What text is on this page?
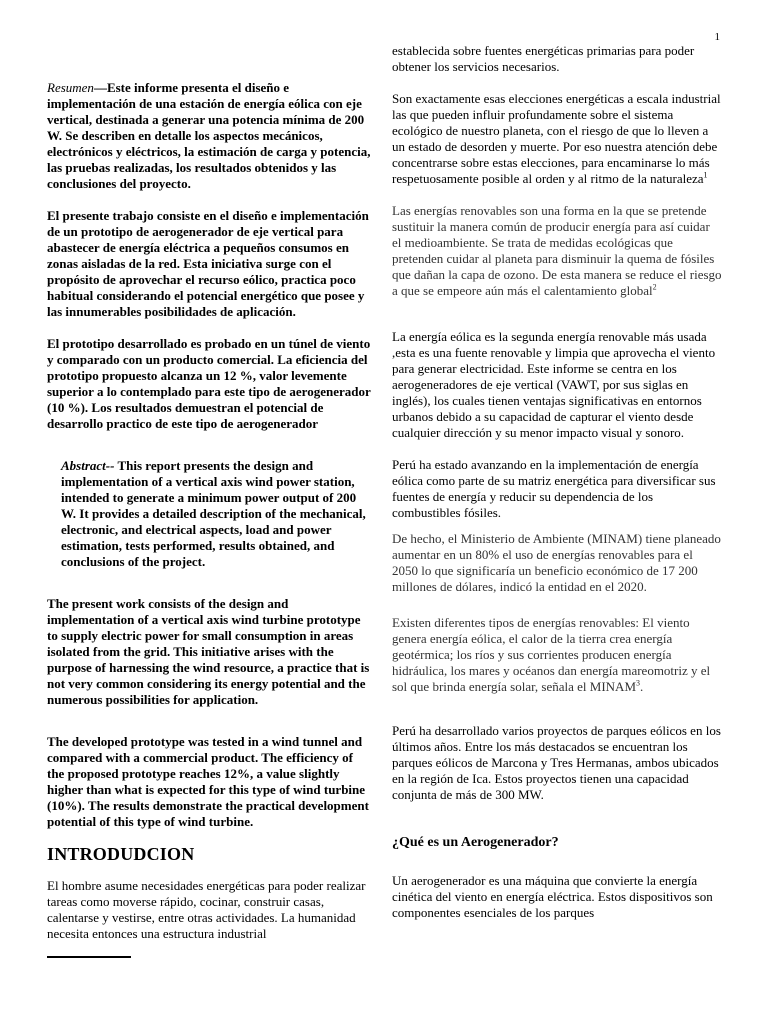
1

Resumen—Este informe presenta el diseño e implementación de una estación de energía eólica con eje vertical, destinada a generar una potencia mínima de 200 W. Se describen en detalle los aspectos mecánicos, electrónicos y eléctricos, la estimación de carga y potencia, las pruebas realizadas, los resultados obtenidos y las conclusiones del proyecto.

El presente trabajo consiste en el diseño e implementación de un prototipo de aerogenerador de eje vertical para abastecer de energía eléctrica a pequeños consumos en zonas aisladas de la red. Esta iniciativa surge con el propósito de aprovechar el recurso eólico, practica poco habitual considerando el potencial energético que posee y las innumerables posibilidades de aplicación.

El prototipo desarrollado es probado en un túnel de viento y comparado con un producto comercial. La eficiencia del prototipo propuesto alcanza un 12 %, valor levemente superior a lo contemplado para este tipo de aerogenerador (10 %). Los resultados demuestran el potencial de desarrollo practico de este tipo de aerogenerador

Abstract-- This report presents the design and implementation of a vertical axis wind power station, intended to generate a minimum power output of 200 W. It provides a detailed description of the mechanical, electronic, and electrical aspects, load and power estimation, tests performed, results obtained, and conclusions of the project.

The present work consists of the design and implementation of a vertical axis wind turbine prototype to supply electric power for small consumption in areas isolated from the grid. This initiative arises with the purpose of harnessing the wind resource, a practice that is not very common considering its energy potential and the numerous possibilities for application.

The developed prototype was tested in a wind tunnel and compared with a commercial product. The efficiency of the proposed prototype reaches 12%, a value slightly higher than what is expected for this type of wind turbine (10%). The results demonstrate the practical development potential of this type of wind turbine.

INTRODUDCION

El hombre asume necesidades energéticas para poder realizar tareas como moverse rápido, cocinar, construir casas, calentarse y vestirse, entre otras actividades. La humanidad necesita entonces una estructura industrial

establecida sobre fuentes energéticas primarias para poder obtener los servicios necesarios.

Son exactamente esas elecciones energéticas a escala industrial las que pueden influir profundamente sobre el sistema ecológico de nuestro planeta, con el riesgo de que lo lleven a un estado de desorden y muerte. Por eso nuestra atención debe concentrarse sobre estas elecciones, para encaminarse lo más respetuosamente posible al orden y al ritmo de la naturaleza$^1$

Las energías renovables son una forma en la que se pretende sustituir la manera común de producir energía para así cuidar el medioambiente. Se trata de medidas ecológicas que pretenden cuidar al planeta para disminuir la quema de fósiles que dañan la capa de ozono. De esta manera se reduce el riesgo a que se empeore aún más el calentamiento global$^2$

La energía eólica es la segunda energía renovable más usada ,esta es una fuente renovable y limpia que aprovecha el viento para generar electricidad. Este informe se centra en los aerogeneradores de eje vertical (VAWT, por sus siglas en inglés), los cuales tienen ventajas significativas en entornos urbanos debido a su capacidad de capturar el viento desde cualquier dirección y su menor impacto visual y sonoro.

Perú ha estado avanzando en la implementación de energía eólica como parte de su matriz energética para diversificar sus fuentes de energía y reducir su dependencia de los combustibles fósiles.

De hecho, el Ministerio de Ambiente (MINAM) tiene planeado aumentar en un 80% el uso de energías renovables para el 2050 lo que significaría un beneficio económico de 17 200 millones de dólares, indicó la entidad en el 2020.

Existen diferentes tipos de energías renovables: El viento genera energía eólica, el calor de la tierra crea energía geotérmica; los ríos y sus corrientes producen energía hidráulica, los mares y océanos dan energía mareomotriz y el sol que brinda energía solar, señala el MINAM$^3$.

Perú ha desarrollado varios proyectos de parques eólicos en los últimos años. Entre los más destacados se encuentran los parques eólicos de Marcona y Tres Hermanas, ambos ubicados en la región de Ica. Estos proyectos tienen una capacidad conjunta de más de 300 MW.

¿Qué es un Aerogenerador?

Un aerogenerador es una máquina que convierte la energía cinética del viento en energía eléctrica. Estos dispositivos son componentes esenciales de los parques
